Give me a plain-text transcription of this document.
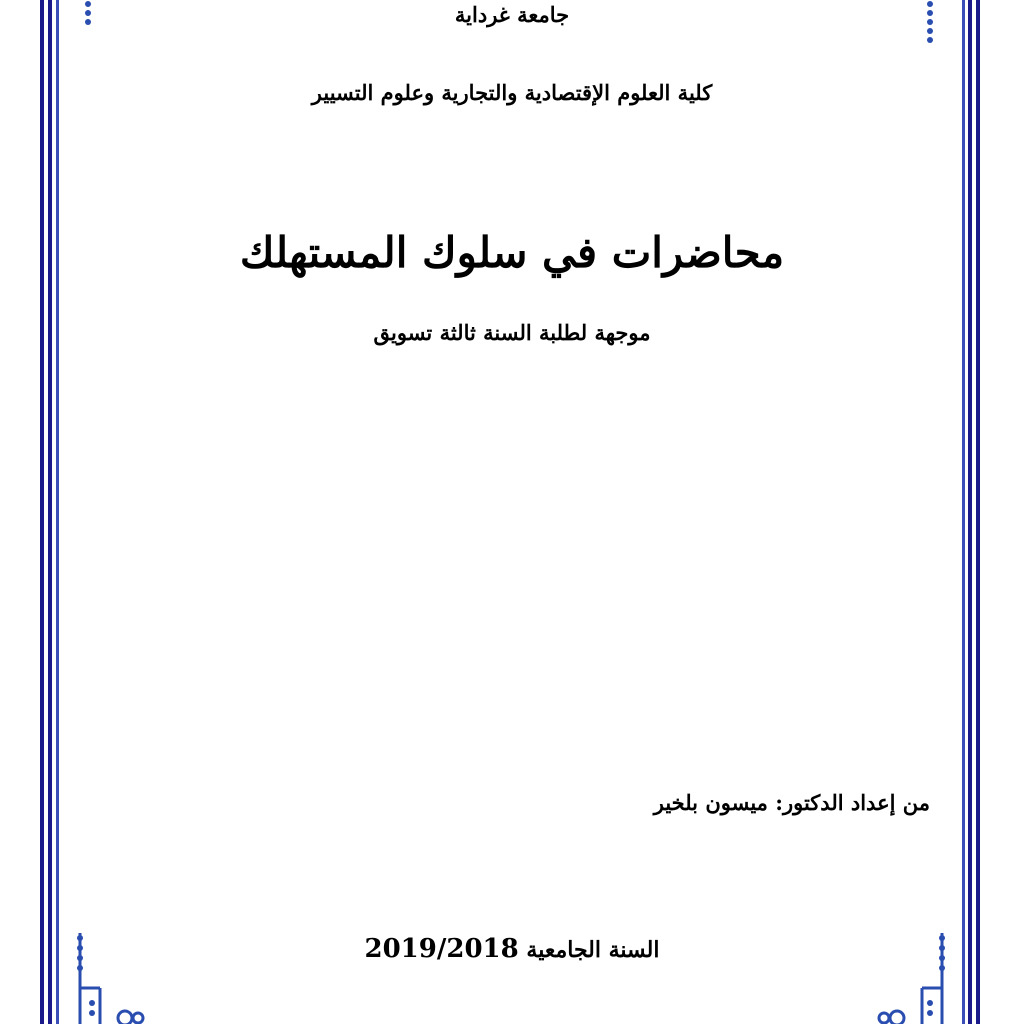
جامعة غرداية

كلية العلوم الإقتصادية والتجارية وعلوم التسيير

محاضرات في سلوك المستهلك

موجهة لطلبة السنة ثالثة تسويق

من إعداد الدكتور: ميسون بلخير

السنة الجامعية 2019/2018
